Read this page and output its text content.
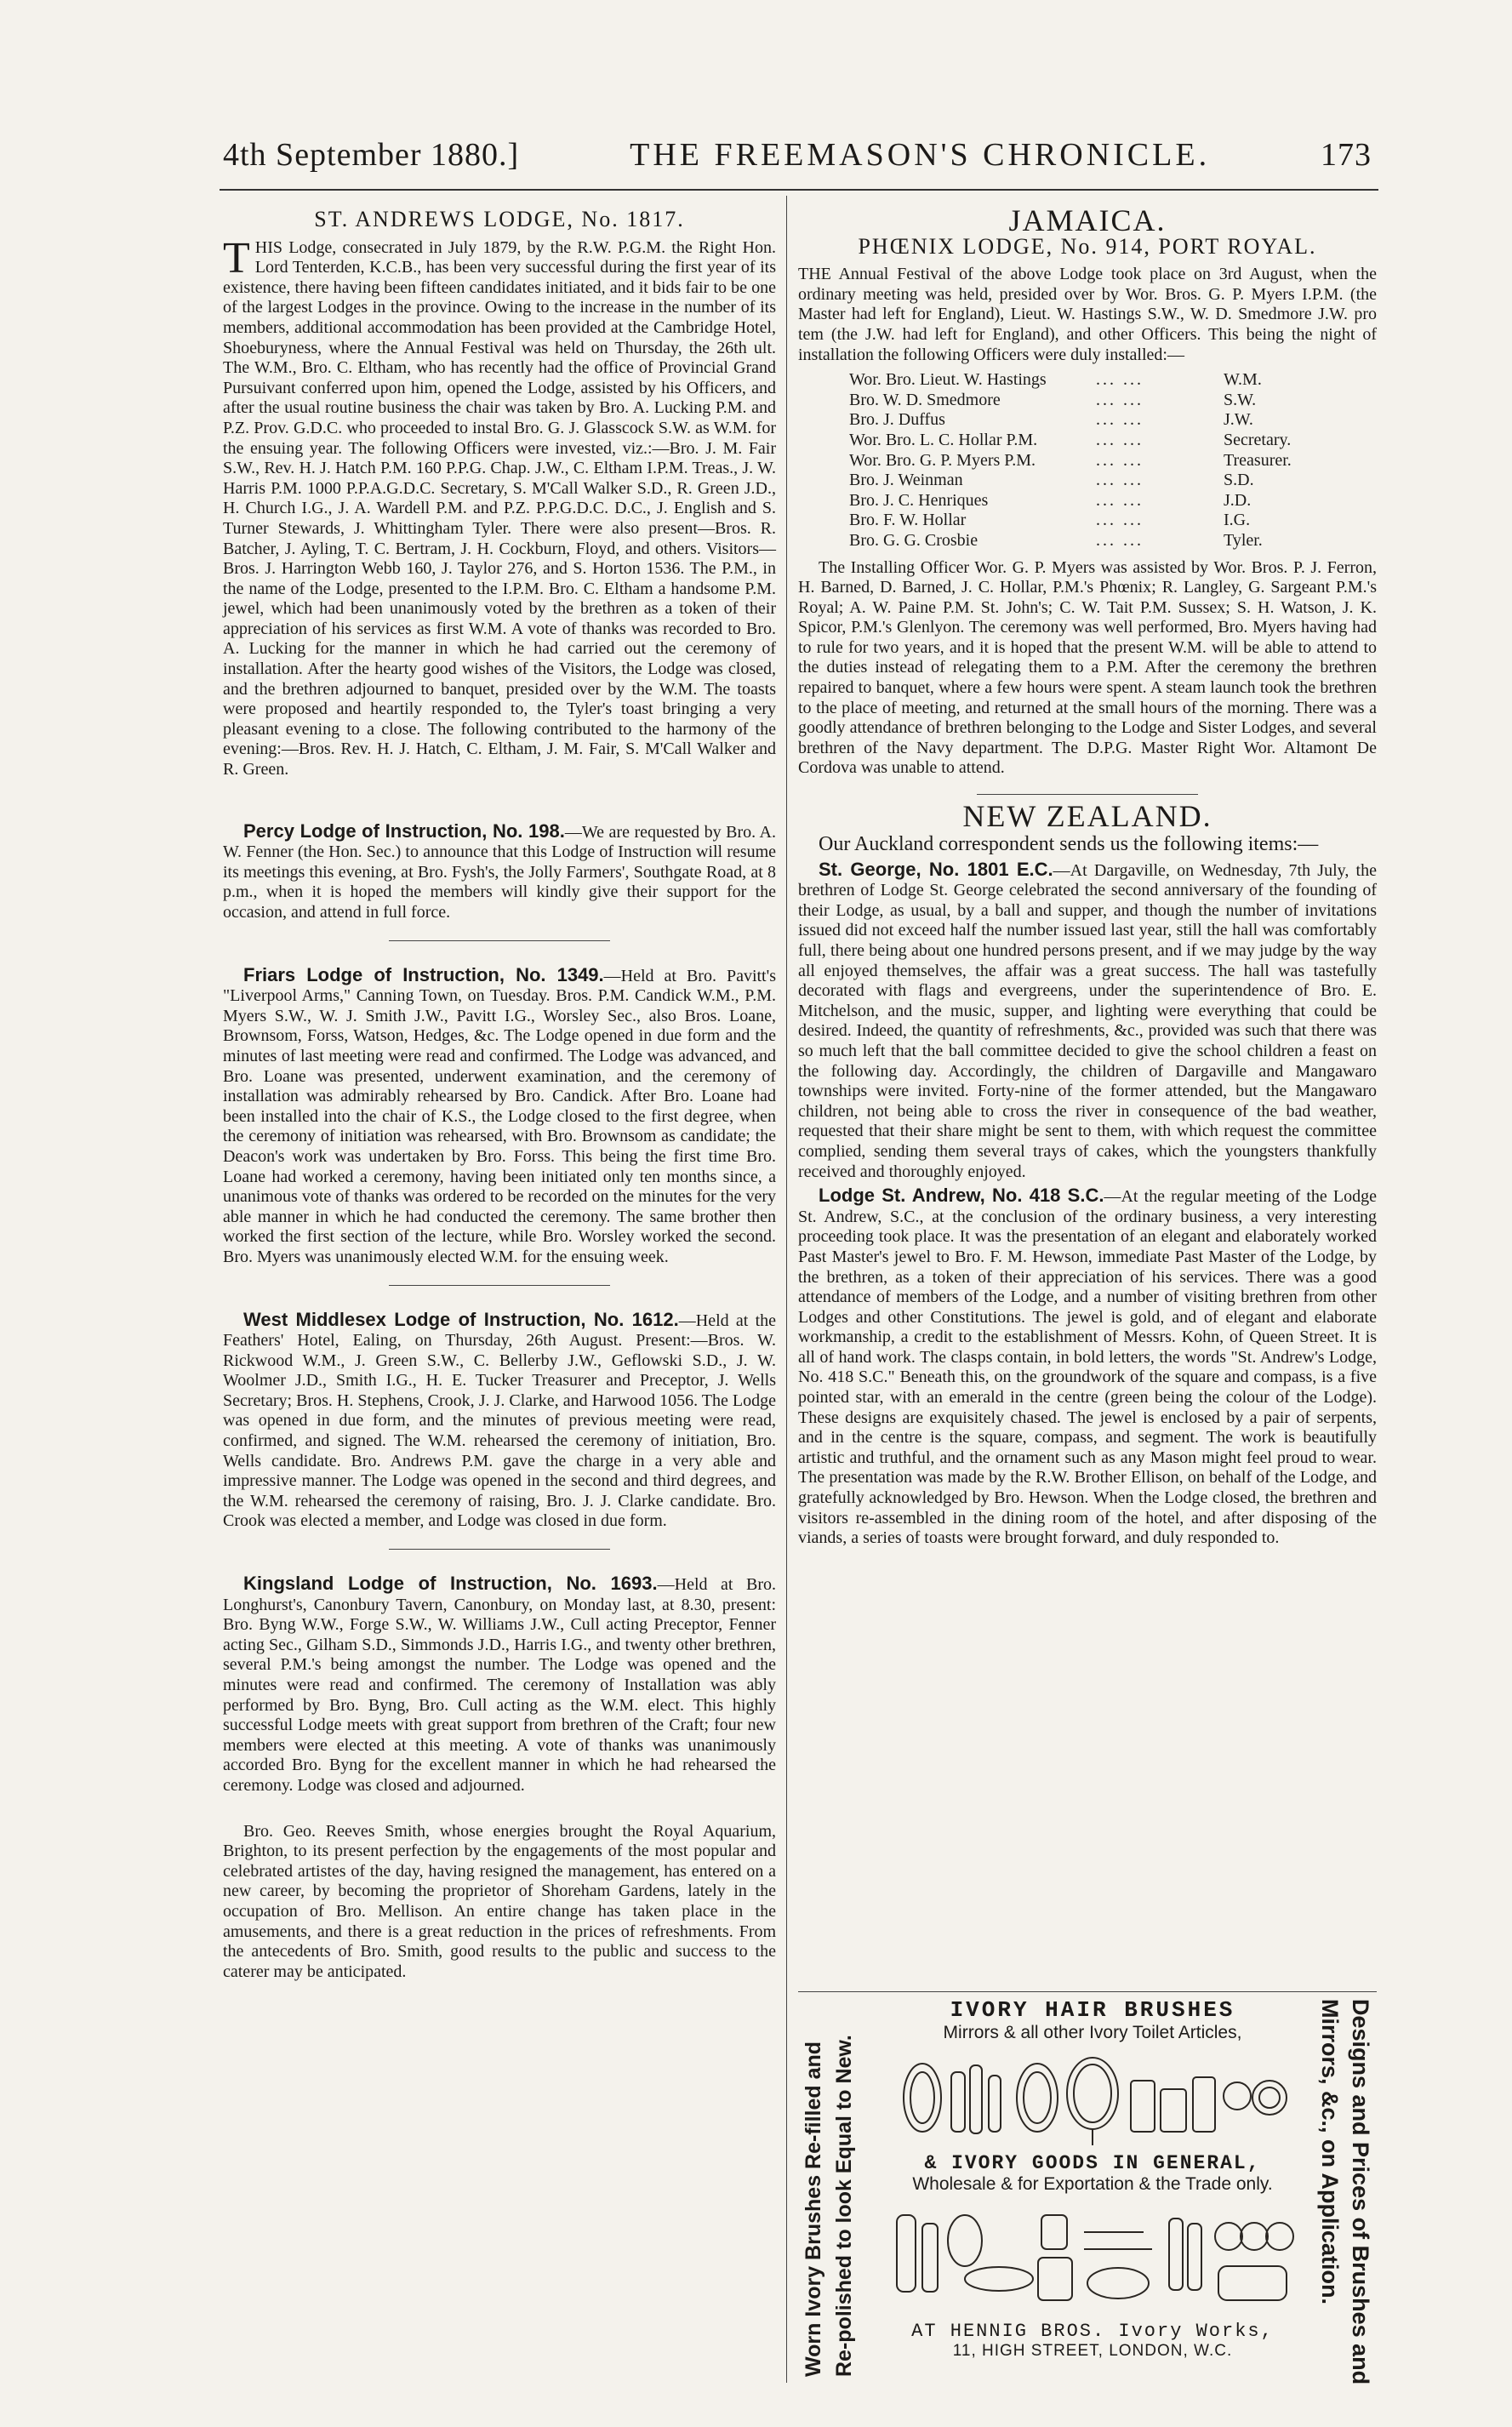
4th September 1880.]	THE FREEMASON'S CHRONICLE.	173
ST. ANDREWS LODGE, No. 1817.

THIS Lodge, consecrated in July 1879, by the R.W. P.G.M. the Right Hon. Lord Tenterden, K.C.B., has been very successful during the first year of its existence, there having been fifteen candidates initiated, and it bids fair to be one of the largest Lodges in the province. Owing to the increase in the number of its members, additional accommodation has been provided at the Cambridge Hotel, Shoeburyness, where the Annual Festival was held on Thursday, the 26th ult. The W.M., Bro. C. Eltham, who has recently had the office of Provincial Grand Pursuivant conferred upon him, opened the Lodge, assisted by his Officers, and after the usual routine business the chair was taken by Bro. A. Lucking P.M. and P.Z. Prov. G.D.C. who proceeded to instal Bro. G. J. Glasscock S.W. as W.M. for the ensuing year. The following Officers were invested, viz.:—Bro. J. M. Fair S.W., Rev. H. J. Hatch P.M. 160 P.P.G. Chap. J.W., C. Eltham I.P.M. Treas., J. W. Harris P.M. 1000 P.P.A.G.D.C. Secretary, S. M'Call Walker S.D., R. Green J.D., H. Church I.G., J. A. Wardell P.M. and P.Z. P.P.G.D.C. D.C., J. English and S. Turner Stewards, J. Whittingham Tyler. There were also present—Bros. R. Batcher, J. Ayling, T. C. Bertram, J. H. Cockburn, Floyd, and others. Visitors—Bros. J. Harrington Webb 160, J. Taylor 276, and S. Horton 1536. The P.M., in the name of the Lodge, presented to the I.P.M. Bro. C. Eltham a handsome P.M. jewel, which had been unanimously voted by the brethren as a token of their appreciation of his services as first W.M. A vote of thanks was recorded to Bro. A. Lucking for the manner in which he had carried out the ceremony of installation. After the hearty good wishes of the Visitors, the Lodge was closed, and the brethren adjourned to banquet, presided over by the W.M. The toasts were proposed and heartily responded to, the Tyler's toast bringing a very pleasant evening to a close. The following contributed to the harmony of the evening:—Bros. Rev. H. J. Hatch, C. Eltham, J. M. Fair, S. M'Call Walker and R. Green.

Percy Lodge of Instruction, No. 198.—We are requested by Bro. A. W. Fenner (the Hon. Sec.) to announce that this Lodge of Instruction will resume its meetings this evening, at Bro. Fysh's, the Jolly Farmers', Southgate Road, at 8 p.m., when it is hoped the members will kindly give their support for the occasion, and attend in full force.

Friars Lodge of Instruction, No. 1349.—Held at Bro. Pavitt's "Liverpool Arms," Canning Town, on Tuesday. Bros. P.M. Candick W.M., P.M. Myers S.W., W. J. Smith J.W., Pavitt I.G., Worsley Sec., also Bros. Loane, Brownsom, Forss, Watson, Hedges, &c. The Lodge opened in due form and the minutes of last meeting were read and confirmed. The Lodge was advanced, and Bro. Loane was presented, underwent examination, and the ceremony of installation was admirably rehearsed by Bro. Candick. After Bro. Loane had been installed into the chair of K.S., the Lodge closed to the first degree, when the ceremony of initiation was rehearsed, with Bro. Brownsom as candidate; the Deacon's work was undertaken by Bro. Forss. This being the first time Bro. Loane had worked a ceremony, having been initiated only ten months since, a unanimous vote of thanks was ordered to be recorded on the minutes for the very able manner in which he had conducted the ceremony. The same brother then worked the first section of the lecture, while Bro. Worsley worked the second. Bro. Myers was unanimously elected W.M. for the ensuing week.

West Middlesex Lodge of Instruction, No. 1612.—Held at the Feathers' Hotel, Ealing, on Thursday, 26th August. Present:—Bros. W. Rickwood W.M., J. Green S.W., C. Bellerby J.W., Geflowski S.D., J. W. Woolmer J.D., Smith I.G., H. E. Tucker Treasurer and Preceptor, J. Wells Secretary; Bros. H. Stephens, Crook, J. J. Clarke, and Harwood 1056. The Lodge was opened in due form, and the minutes of previous meeting were read, confirmed, and signed. The W.M. rehearsed the ceremony of initiation, Bro. Wells candidate. Bro. Andrews P.M. gave the charge in a very able and impressive manner. The Lodge was opened in the second and third degrees, and the W.M. rehearsed the ceremony of raising, Bro. J. J. Clarke candidate. Bro. Crook was elected a member, and Lodge was closed in due form.

Kingsland Lodge of Instruction, No. 1693.—Held at Bro. Longhurst's, Canonbury Tavern, Canonbury, on Monday last, at 8.30, present: Bro. Byng W.W., Forge S.W., W. Williams J.W., Cull acting Preceptor, Fenner acting Sec., Gilham S.D., Simmonds J.D., Harris I.G., and twenty other brethren, several P.M.'s being amongst the number. The Lodge was opened and the minutes were read and confirmed. The ceremony of Installation was ably performed by Bro. Byng, Bro. Cull acting as the W.M. elect. This highly successful Lodge meets with great support from brethren of the Craft; four new members were elected at this meeting. A vote of thanks was unanimously accorded Bro. Byng for the excellent manner in which he had rehearsed the ceremony. Lodge was closed and adjourned.

Bro. Geo. Reeves Smith, whose energies brought the Royal Aquarium, Brighton, to its present perfection by the engagements of the most popular and celebrated artistes of the day, having resigned the management, has entered on a new career, by becoming the proprietor of Shoreham Gardens, lately in the occupation of Bro. Mellison. An entire change has taken place in the amusements, and there is a great reduction in the prices of refreshments. From the antecedents of Bro. Smith, good results to the public and success to the caterer may be anticipated.

JAMAICA.
PHŒNIX LODGE, No. 914, PORT ROYAL.

THE Annual Festival of the above Lodge took place on 3rd August, when the ordinary meeting was held, presided over by Wor. Bros. G. P. Myers I.P.M. (the Master had left for England), Lieut. W. Hastings S.W., W. D. Smedmore J.W. pro tem (the J.W. had left for England), and other Officers. This being the night of installation the following Officers were duly installed:—

Wor. Bro. Lieut. W. Hastings	... ...	W.M.
Bro. W. D. Smedmore	... ...	S.W.
Bro. J. Duffus	... ...	J.W.
Wor. Bro. L. C. Hollar P.M.	... ...	Secretary.
Wor. Bro. G. P. Myers P.M.	... ...	Treasurer.
Bro. J. Weinman	... ...	S.D.
Bro. J. C. Henriques	... ...	J.D.
Bro. F. W. Hollar	... ...	I.G.
Bro. G. G. Crosbie	... ...	Tyler.

The Installing Officer Wor. G. P. Myers was assisted by Wor. Bros. P. J. Ferron, H. Barned, D. Barned, J. C. Hollar, P.M.'s Phœnix; R. Langley, G. Sargeant P.M.'s Royal; A. W. Paine P.M. St. John's; C. W. Tait P.M. Sussex; S. H. Watson, J. K. Spicor, P.M.'s Glenlyon. The ceremony was well performed, Bro. Myers having had to rule for two years, and it is hoped that the present W.M. will be able to attend to the duties instead of relegating them to a P.M. After the ceremony the brethren repaired to banquet, where a few hours were spent. A steam launch took the brethren to the place of meeting, and returned at the small hours of the morning. There was a goodly attendance of brethren belonging to the Lodge and Sister Lodges, and several brethren of the Navy department. The D.P.G. Master Right Wor. Altamont De Cordova was unable to attend.

NEW ZEALAND.

Our Auckland correspondent sends us the following items:—

St. George, No. 1801 E.C.—At Dargaville, on Wednesday, 7th July, the brethren of Lodge St. George celebrated the second anniversary of the founding of their Lodge, as usual, by a ball and supper, and though the number of invitations issued did not exceed half the number issued last year, still the hall was comfortably full, there being about one hundred persons present, and if we may judge by the way all enjoyed themselves, the affair was a great success. The hall was tastefully decorated with flags and evergreens, under the superintendence of Bro. E. Mitchelson, and the music, supper, and lighting were everything that could be desired. Indeed, the quantity of refreshments, &c., provided was such that there was so much left that the ball committee decided to give the school children a feast on the following day. Accordingly, the children of Dargaville and Mangawaro townships were invited. Forty-nine of the former attended, but the Mangawaro children, not being able to cross the river in consequence of the bad weather, requested that their share might be sent to them, with which request the committee complied, sending them several trays of cakes, which the youngsters thankfully received and thoroughly enjoyed.

Lodge St. Andrew, No. 418 S.C.—At the regular meeting of the Lodge St. Andrew, S.C., at the conclusion of the ordinary business, a very interesting proceeding took place. It was the presentation of an elegant and elaborately worked Past Master's jewel to Bro. F. M. Hewson, immediate Past Master of the Lodge, by the brethren, as a token of their appreciation of his services. There was a good attendance of members of the Lodge, and a number of visiting brethren from other Lodges and other Constitutions. The jewel is gold, and of elegant and elaborate workmanship, a credit to the establishment of Messrs. Kohn, of Queen Street. It is all of hand work. The clasps contain, in bold letters, the words "St. Andrew's Lodge, No. 418 S.C." Beneath this, on the groundwork of the square and compass, is a five pointed star, with an emerald in the centre (green being the colour of the Lodge). These designs are exquisitely chased. The jewel is enclosed by a pair of serpents, and in the centre is the square, compass, and segment. The work is beautifully artistic and truthful, and the ornament such as any Mason might feel proud to wear. The presentation was made by the R.W. Brother Ellison, on behalf of the Lodge, and gratefully acknowledged by Bro. Hewson. When the Lodge closed, the brethren and visitors re-assembled in the dining room of the hotel, and after disposing of the viands, a series of toasts were brought forward, and duly responded to.

Worn Ivory Brushes Re-filled and Re-polished to look Equal to New.	Designs and Prices of Brushes and
Mirrors, &c., on Application.
IVORY HAIR BRUSHES
Mirrors & all other Ivory Toilet Articles,
& IVORY GOODS IN GENERAL,
Wholesale & for Exportation & the Trade only.
AT HENNIG BROS. Ivory Works,
11, HIGH STREET, LONDON, W.C.
